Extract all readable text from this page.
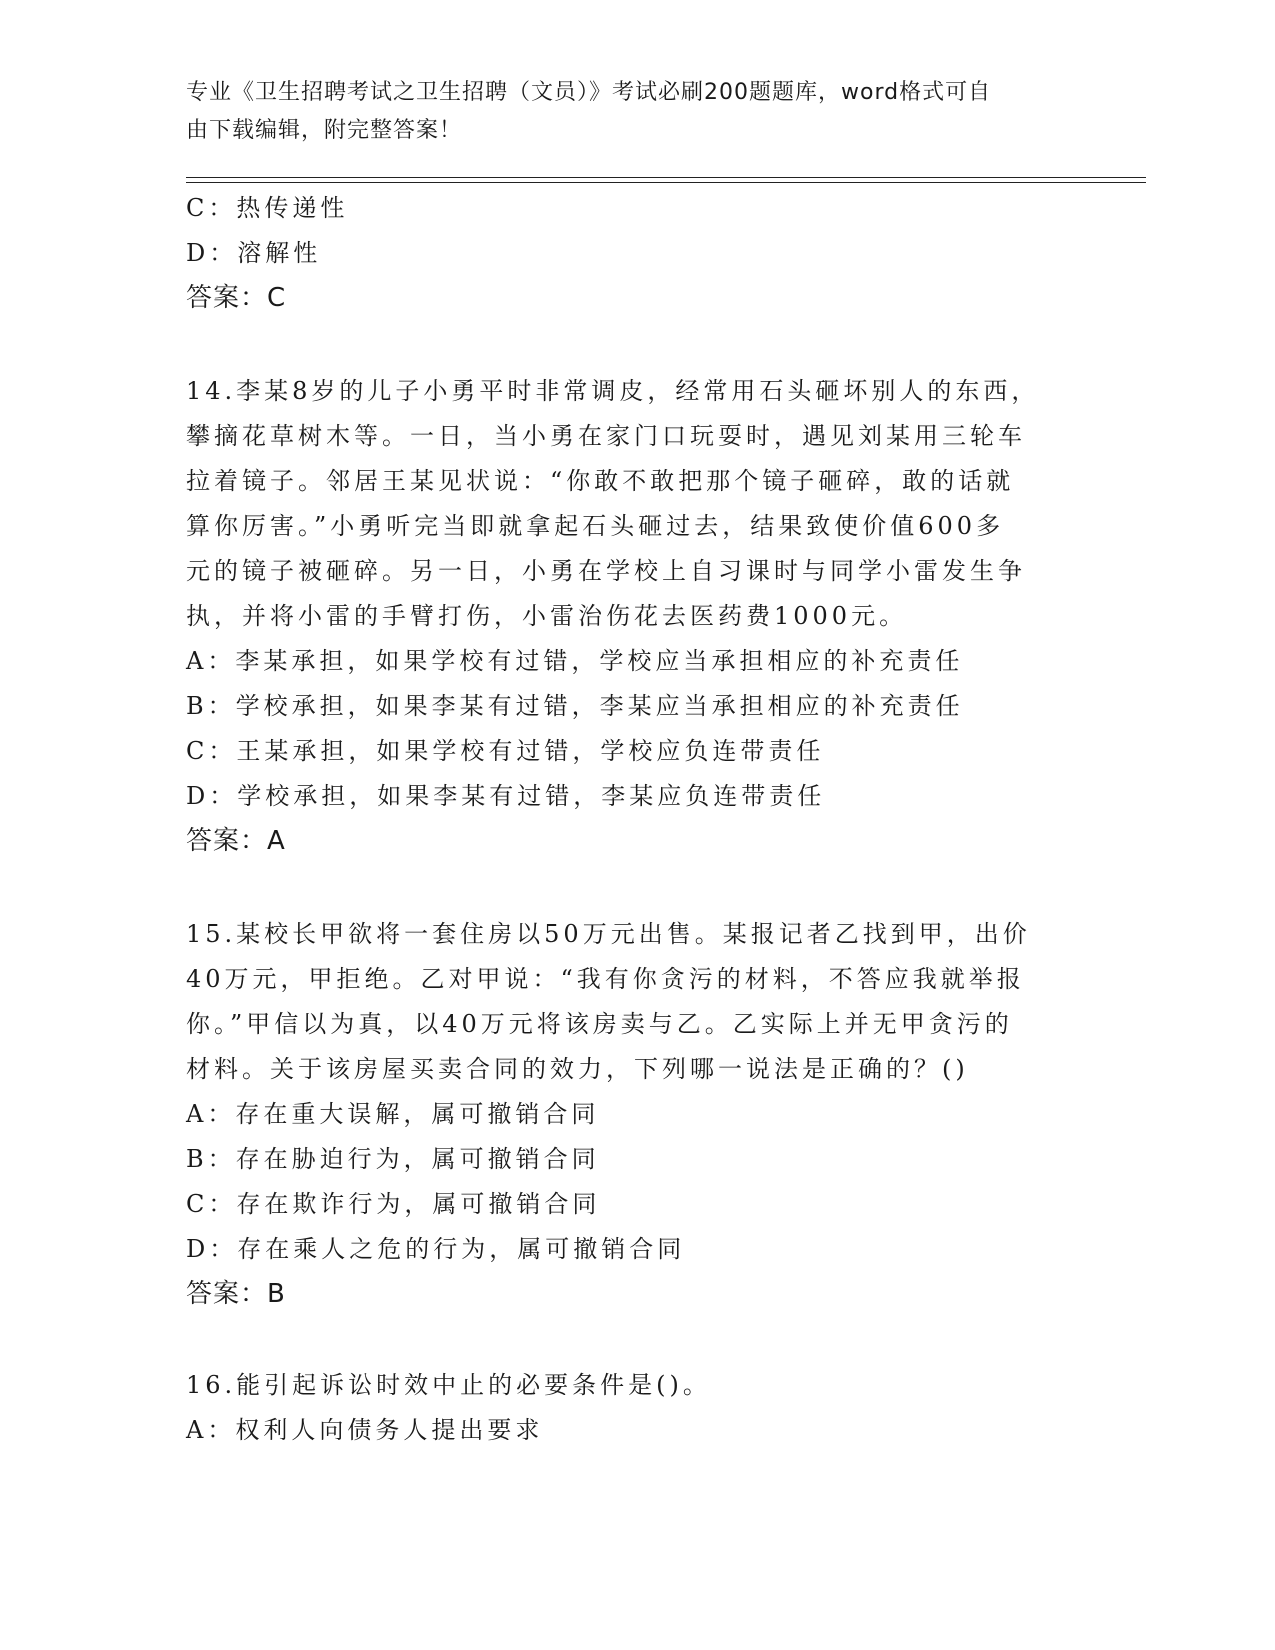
专业《卫生招聘考试之卫生招聘（文员）》考试必刷200题题库，word格式可自
由下载编辑，附完整答案！
C：热传递性
D：溶解性
答案：C
14.李某8岁的儿子小勇平时非常调皮，经常用石头砸坏别人的东西，
攀摘花草树木等。一日，当小勇在家门口玩耍时，遇见刘某用三轮车
拉着镜子。邻居王某见状说：“你敢不敢把那个镜子砸碎，敢的话就
算你厉害。”小勇听完当即就拿起石头砸过去，结果致使价值600多
元的镜子被砸碎。另一日，小勇在学校上自习课时与同学小雷发生争
执，并将小雷的手臂打伤，小雷治伤花去医药费1000元。
A：李某承担，如果学校有过错，学校应当承担相应的补充责任
B：学校承担，如果李某有过错，李某应当承担相应的补充责任
C：王某承担，如果学校有过错，学校应负连带责任
D：学校承担，如果李某有过错，李某应负连带责任
答案：A
15.某校长甲欲将一套住房以50万元出售。某报记者乙找到甲，出价
40万元，甲拒绝。乙对甲说：“我有你贪污的材料，不答应我就举报
你。”甲信以为真，以40万元将该房卖与乙。乙实际上并无甲贪污的
材料。关于该房屋买卖合同的效力，下列哪一说法是正确的？()
A：存在重大误解，属可撤销合同
B：存在胁迫行为，属可撤销合同
C：存在欺诈行为，属可撤销合同
D：存在乘人之危的行为，属可撤销合同
答案：B
16.能引起诉讼时效中止的必要条件是()。
A：权利人向债务人提出要求
